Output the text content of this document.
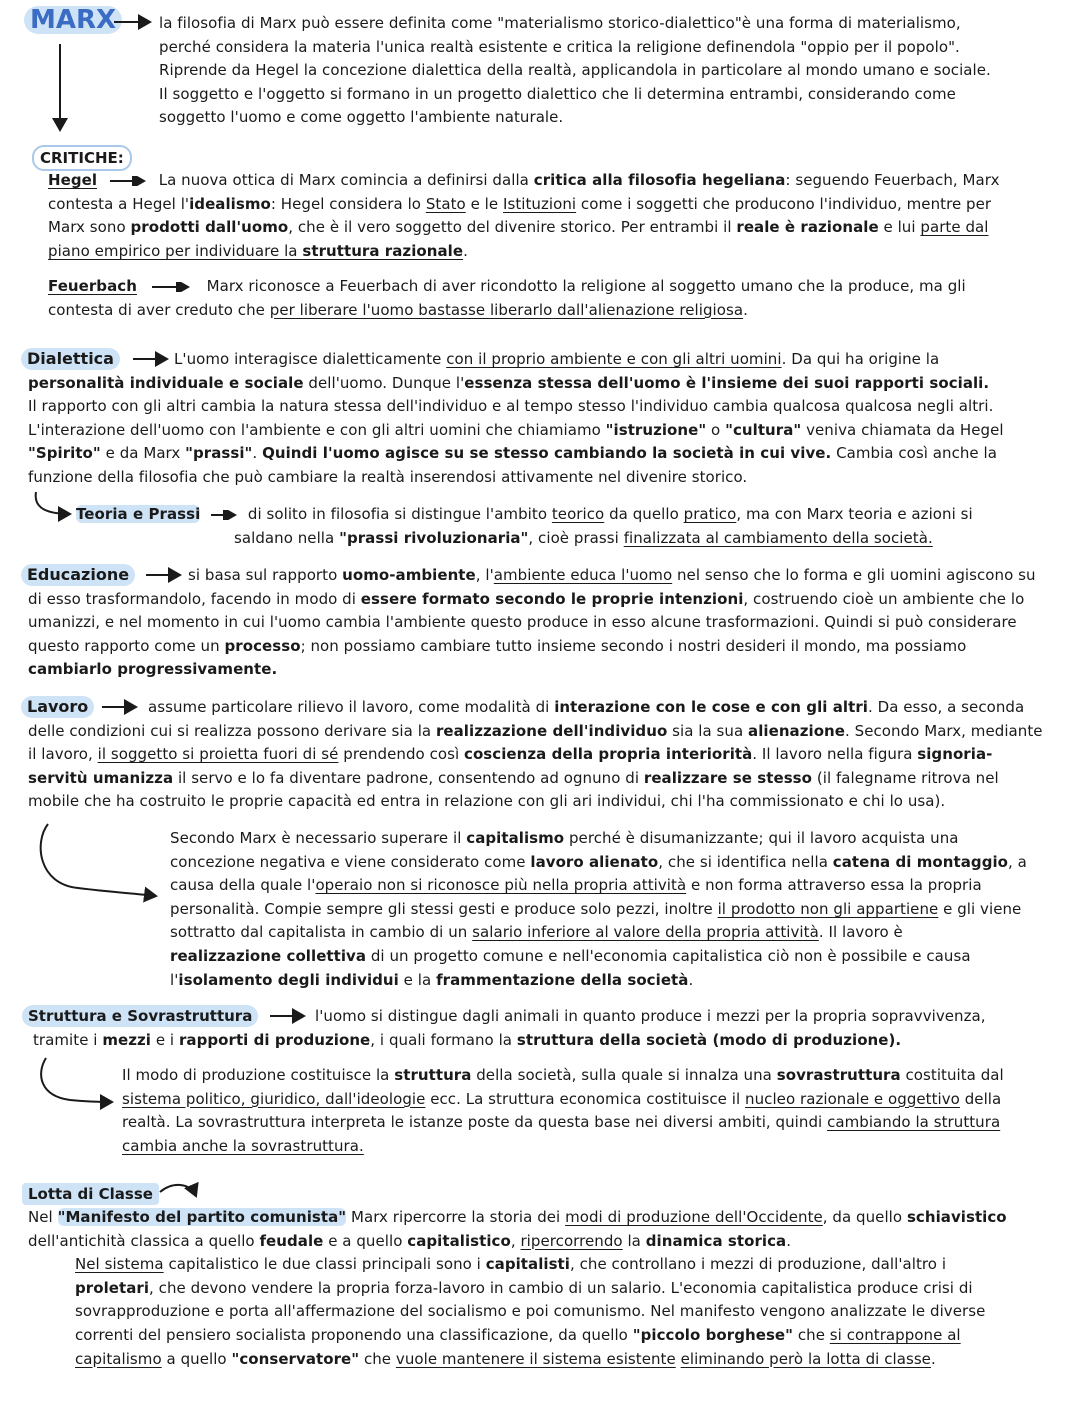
MARX	la filosofia di Marx può essere definita come "materialismo storico-dialettico"è una forma di materialismo,
perché considera la materia l'unica realtà esistente e critica la religione definendola "oppio per il popolo".
Riprende da Hegel la concezione dialettica della realtà, applicandola in particolare al mondo umano e sociale.
Il soggetto e l'oggetto si formano in un progetto dialettico che li determina entrambi, considerando come
soggetto l'uomo e come oggetto l'ambiente naturale.
CRITICHE:
Hegel	La nuova ottica di Marx comincia a definirsi dalla critica alla filosofia hegeliana: seguendo Feuerbach, Marx
contesta a Hegel l'idealismo: Hegel considera lo Stato e le Istituzioni come i soggetti che producono l'individuo, mentre per
Marx sono prodotti dall'uomo, che è il vero soggetto del divenire storico. Per entrambi il reale è razionale e lui parte dal
piano empirico per individuare la struttura razionale.
Feuerbach	Marx riconosce a Feuerbach di aver ricondotto la religione al soggetto umano che la produce, ma gli
contesta di aver creduto che per liberare l'uomo bastasse liberarlo dall'alienazione religiosa.
Dialettica	L'uomo interagisce dialetticamente con il proprio ambiente e con gli altri uomini. Da qui ha origine la
personalità individuale e sociale dell'uomo. Dunque l'essenza stessa dell'uomo è l'insieme dei suoi rapporti sociali.
Il rapporto con gli altri cambia la natura stessa dell'individuo e al tempo stesso l'individuo cambia qualcosa qualcosa negli altri.
L'interazione dell'uomo con l'ambiente e con gli altri uomini che chiamiamo "istruzione" o "cultura" veniva chiamata da Hegel
"Spirito" e da Marx "prassi". Quindi l'uomo agisce su se stesso cambiando la società in cui vive. Cambia così anche la
funzione della filosofia che può cambiare la realtà inserendosi attivamente nel divenire storico.
Teoria e Prassi	di solito in filosofia si distingue l'ambito teorico da quello pratico, ma con Marx teoria e azioni si
saldano nella "prassi rivoluzionaria", cioè prassi finalizzata al cambiamento della società.
Educazione	si basa sul rapporto uomo-ambiente, l'ambiente educa l'uomo nel senso che lo forma e gli uomini agiscono su
di esso trasformandolo, facendo in modo di essere formato secondo le proprie intenzioni, costruendo cioè un ambiente che lo
umanizzi, e nel momento in cui l'uomo cambia l'ambiente questo produce in esso alcune trasformazioni. Quindi si può considerare
questo rapporto come un processo; non possiamo cambiare tutto insieme secondo i nostri desideri il mondo, ma possiamo
cambiarlo progressivamente.
Lavoro	assume particolare rilievo il lavoro, come modalità di interazione con le cose e con gli altri. Da esso, a seconda
delle condizioni cui si realizza possono derivare sia la realizzazione dell'individuo sia la sua alienazione. Secondo Marx, mediante
il lavoro, il soggetto si proietta fuori di sé prendendo così coscienza della propria interiorità. Il lavoro nella figura signoria-
servitù umanizza il servo e lo fa diventare padrone, consentendo ad ognuno di realizzare se stesso (il falegname ritrova nel
mobile che ha costruito le proprie capacità ed entra in relazione con gli ari individui, chi l'ha commissionato e chi lo usa).
Secondo Marx è necessario superare il capitalismo perché è disumanizzante; qui il lavoro acquista una
concezione negativa e viene considerato come lavoro alienato, che si identifica nella catena di montaggio, a
causa della quale l'operaio non si riconosce più nella propria attività e non forma attraverso essa la propria
personalità. Compie sempre gli stessi gesti e produce solo pezzi, inoltre il prodotto non gli appartiene e gli viene
sottratto dal capitalista in cambio di un salario inferiore al valore della propria attività. Il lavoro è
realizzazione collettiva di un progetto comune e nell'economia capitalistica ciò non è possibile e causa
l'isolamento degli individui e la frammentazione della società.
Struttura e Sovrastruttura	l'uomo si distingue dagli animali in quanto produce i mezzi per la propria sopravvivenza,
tramite i mezzi e i rapporti di produzione, i quali formano la struttura della società (modo di produzione).
Il modo di produzione costituisce la struttura della società, sulla quale si innalza una sovrastruttura costituita dal
sistema politico, giuridico, dall'ideologie ecc. La struttura economica costituisce il nucleo razionale e oggettivo della
realtà. La sovrastruttura interpreta le istanze poste da questa base nei diversi ambiti, quindi cambiando la struttura
cambia anche la sovrastruttura.
Lotta di Classe
Nel "Manifesto del partito comunista" Marx ripercorre la storia dei modi di produzione dell'Occidente, da quello schiavistico
dell'antichità classica a quello feudale e a quello capitalistico, ripercorrendo la dinamica storica.
Nel sistema capitalistico le due classi principali sono i capitalisti, che controllano i mezzi di produzione, dall'altro i
proletari, che devono vendere la propria forza-lavoro in cambio di un salario. L'economia capitalistica produce crisi di
sovrapproduzione e porta all'affermazione del socialismo e poi comunismo. Nel manifesto vengono analizzate le diverse
correnti del pensiero socialista proponendo una classificazione, da quello "piccolo borghese" che si contrappone al
capitalismo a quello "conservatore" che vuole mantenere il sistema esistente eliminando però la lotta di classe.
